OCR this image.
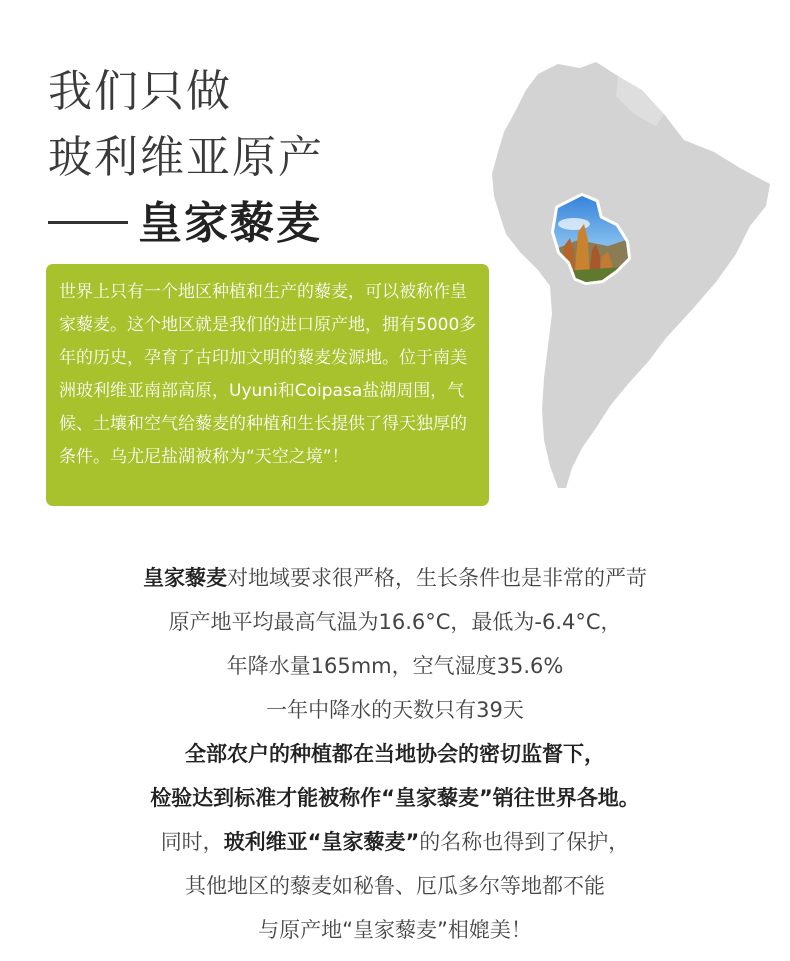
我们只做
玻利维亚原产
皇家藜麦

世界上只有一个地区种植和生产的藜麦，可以被称作皇家藜麦。这个地区就是我们的进口原产地，拥有5000多年的历史，孕育了古印加文明的藜麦发源地。位于南美洲玻利维亚南部高原，Uyuni和Coipasa盐湖周围，气候、土壤和空气给藜麦的种植和生长提供了得天独厚的条件。乌尤尼盐湖被称为“天空之境”！

皇家藜麦对地域要求很严格，生长条件也是非常的严苛
原产地平均最高气温为16.6°C，最低为-6.4°C，
年降水量165mm，空气湿度35.6%
一年中降水的天数只有39天
全部农户的种植都在当地协会的密切监督下，
检验达到标准才能被称作“皇家藜麦”销往世界各地。
同时，玻利维亚“皇家藜麦”的名称也得到了保护，
其他地区的藜麦如秘鲁、厄瓜多尔等地都不能
与原产地“皇家藜麦”相媲美！
